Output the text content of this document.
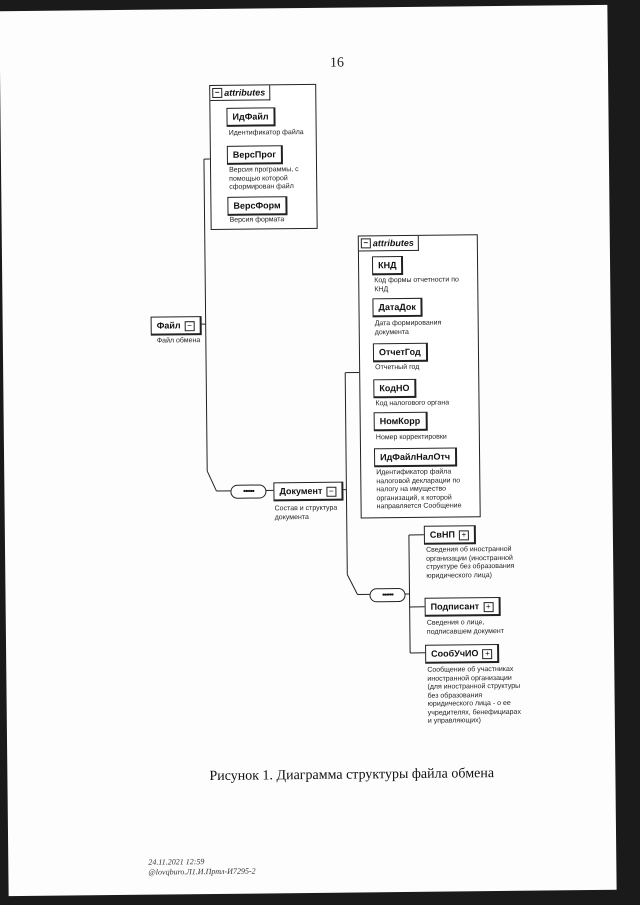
16
Файл −
Файл обмена
− attributes
ИдФайл
Идентификатор файла
ВерсПрог
Версия программы, с помощью которой сформирован файл
ВерсФорм
Версия формата
••••••	Документ −
Состав и структура документа
− attributes
КНД
Код формы отчетности по КНД
ДатаДок
Дата формирования документа
ОтчетГод
Отчетный год
КодНО
Код налогового органа
НомКорр
Номер корректировки
ИдФайлНалОтч
Идентификатор файла налоговой декларации по налогу на имущество организаций, к которой направляется Сообщение
••••••
СвНП +
Сведения об иностранной организации (иностранной структуре без образования юридического лица)
Подписант +
Сведения о лице, подписавшем документ
СообУчИО +
Сообщение об участниках иностранной организации (для иностранной структуры без образования юридического лица - о ее учредителях, бенефициарах и управляющих)
Рисунок 1. Диаграмма структуры файла обмена
24.11.2021 12:59
@lovqburo.Л1.И.Пртл-И7295-2
